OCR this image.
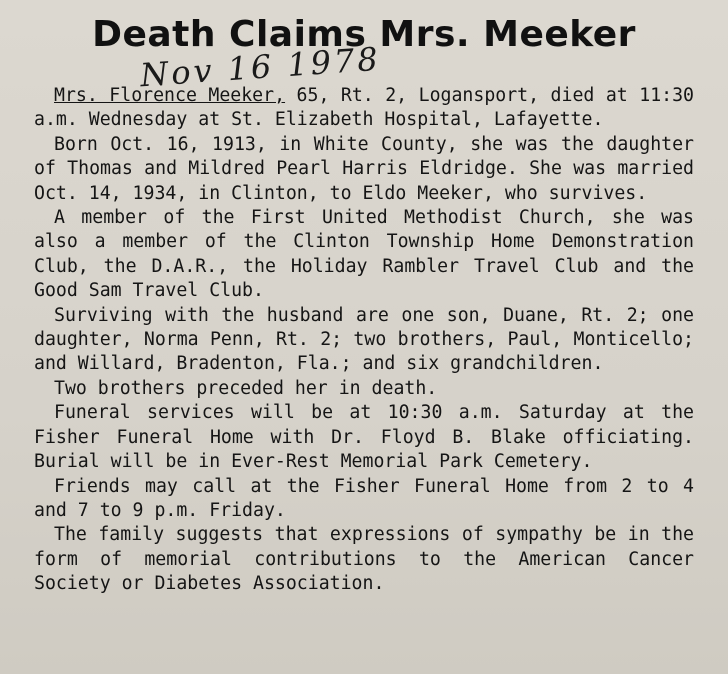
Death Claims Mrs. Meeker
Nov 16 1978

Mrs. Florence Meeker, 65, Rt. 2, Logansport, died at 11:30 a.m. Wednesday at St. Elizabeth Hospital, Lafayette.

Born Oct. 16, 1913, in White County, she was the daughter of Thomas and Mildred Pearl Harris Eldridge. She was married Oct. 14, 1934, in Clinton, to Eldo Meeker, who survives.

A member of the First United Methodist Church, she was also a member of the Clinton Township Home Demonstration Club, the D.A.R., the Holiday Rambler Travel Club and the Good Sam Travel Club.

Surviving with the husband are one son, Duane, Rt. 2; one daughter, Norma Penn, Rt. 2; two brothers, Paul, Monticello; and Willard, Bradenton, Fla.; and six grandchildren.

Two brothers preceded her in death.

Funeral services will be at 10:30 a.m. Saturday at the Fisher Funeral Home with Dr. Floyd B. Blake officiating. Burial will be in Ever-Rest Memorial Park Cemetery.

Friends may call at the Fisher Funeral Home from 2 to 4 and 7 to 9 p.m. Friday.

The family suggests that expressions of sympathy be in the form of memorial contributions to the American Cancer Society or Diabetes Association.
